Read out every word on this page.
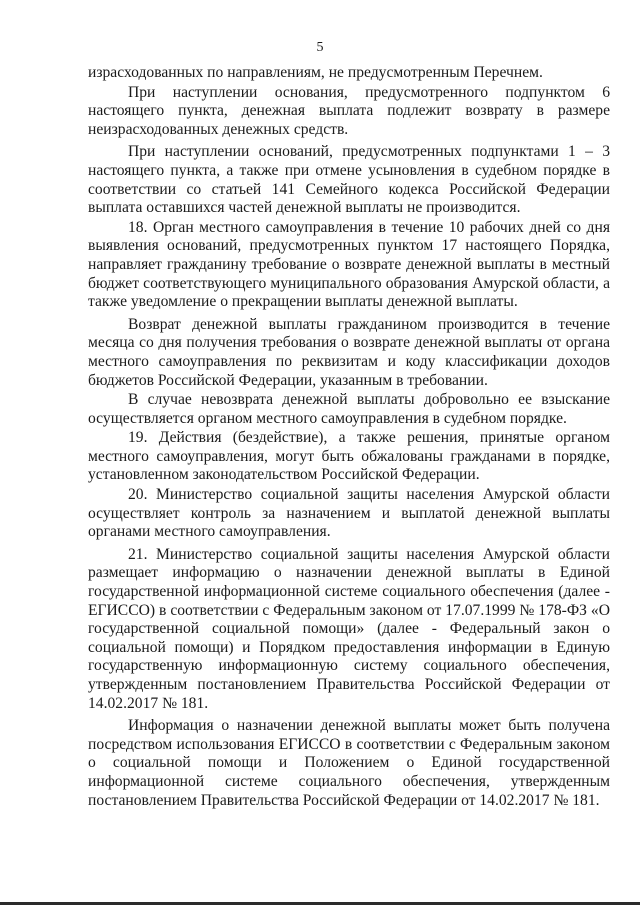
5

израсходованных по направлениям, не предусмотренным Перечнем.

При наступлении основания, предусмотренного подпунктом 6 настоящего пункта, денежная выплата подлежит возврату в размере неизрасходованных денежных средств.

При наступлении оснований, предусмотренных подпунктами 1 – 3 настоящего пункта, а также при отмене усыновления в судебном порядке в соответствии со статьей 141 Семейного кодекса Российской Федерации выплата оставшихся частей денежной выплаты не производится.

18. Орган местного самоуправления в течение 10 рабочих дней со дня выявления оснований, предусмотренных пунктом 17 настоящего Порядка, направляет гражданину требование о возврате денежной выплаты в местный бюджет соответствующего муниципального образования Амурской области, а также уведомление о прекращении выплаты денежной выплаты.

Возврат денежной выплаты гражданином производится в течение месяца со дня получения требования о возврате денежной выплаты от органа местного самоуправления по реквизитам и коду классификации доходов бюджетов Российской Федерации, указанным в требовании.

В случае невозврата денежной выплаты добровольно ее взыскание осуществляется органом местного самоуправления в судебном порядке.

19. Действия (бездействие), а также решения, принятые органом местного самоуправления, могут быть обжалованы гражданами в порядке, установленном законодательством Российской Федерации.

20. Министерство социальной защиты населения Амурской области осуществляет контроль за назначением и выплатой денежной выплаты органами местного самоуправления.

21. Министерство социальной защиты населения Амурской области размещает информацию о назначении денежной выплаты в Единой государственной информационной системе социального обеспечения (далее - ЕГИССО) в соответствии с Федеральным законом от 17.07.1999 № 178-ФЗ «О государственной социальной помощи» (далее - Федеральный закон о социальной помощи) и Порядком предоставления информации в Единую государственную информационную систему социального обеспечения, утвержденным постановлением Правительства Российской Федерации от 14.02.2017 № 181.

Информация о назначении денежной выплаты может быть получена посредством использования ЕГИССО в соответствии с Федеральным законом о социальной помощи и Положением о Единой государственной информационной системе социального обеспечения, утвержденным постановлением Правительства Российской Федерации от 14.02.2017 № 181.
